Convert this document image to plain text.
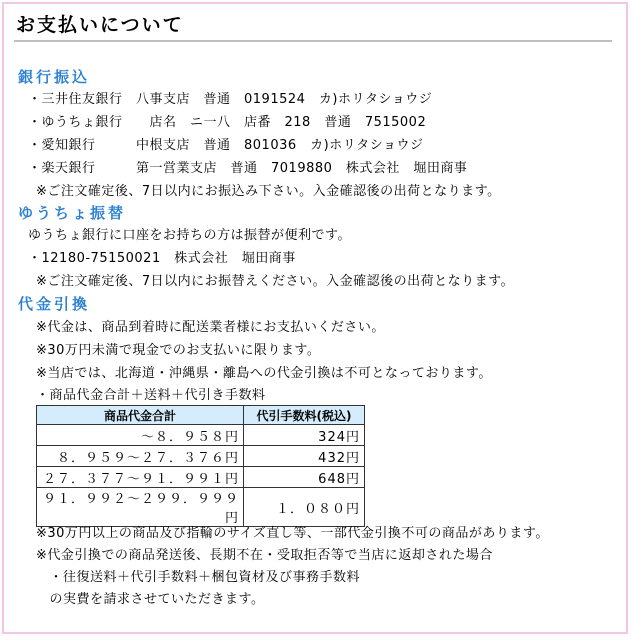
お支払いについて
銀行振込
・三井住友銀行　八事支店　普通　0191524　カ)ホリタショウジ
・ゆうちょ銀行　　店名　ニ一八　店番　218　普通　7515002
・愛知銀行　　　中根支店　普通　801036　カ)ホリタショウジ
・楽天銀行　　　第一営業支店　普通　7019880　株式会社　堀田商事
※ご注文確定後、7日以内にお振込み下さい。入金確認後の出荷となります。
ゆうちょ振替
ゆうちょ銀行に口座をお持ちの方は振替が便利です。
・12180-75150021　株式会社　堀田商事
※ご注文確定後、7日以内にお振替えください。入金確認後の出荷となります。
代金引換
※代金は、商品到着時に配送業者様にお支払いください。
※30万円未満で現金でのお支払いに限ります。
※当店では、北海道・沖縄県・離島への代金引換は不可となっております。
・商品代金合計＋送料＋代引き手数料
商品代金合計	代引手数料(税込)
～８．９５８円	324円
８．９５９～２７．３７６円	432円
２７．３７７～９１．９９１円	648円
９１．９９２～２９９．９９９円	１．０８０円
※30万円以上の商品及び指輪のサイズ直し等、一部代金引換不可の商品があります。
※代金引換での商品発送後、長期不在・受取拒否等で当店に返却された場合
　・往復送料＋代引手数料＋梱包資材及び事務手数料
　の実費を請求させていただきます。
